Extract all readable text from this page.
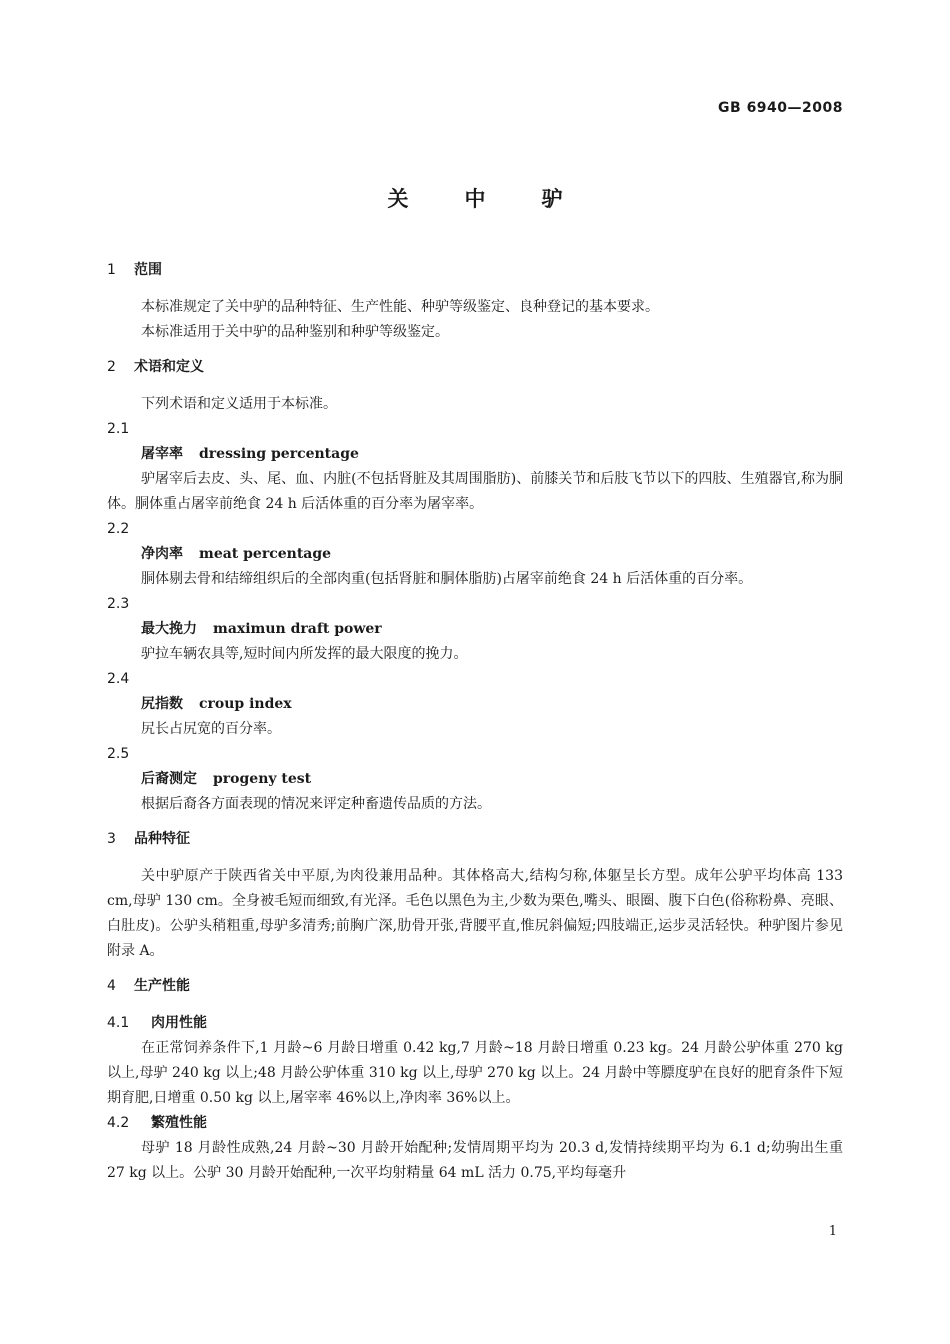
GB 6940—2008
关	中	驴
1 范围

本标准规定了关中驴的品种特征、生产性能、种驴等级鉴定、良种登记的基本要求。

本标准适用于关中驴的品种鉴别和种驴等级鉴定。

2 术语和定义

下列术语和定义适用于本标准。

2.1
屠宰率 dressing percentage

驴屠宰后去皮、头、尾、血、内脏(不包括肾脏及其周围脂肪)、前膝关节和后肢飞节以下的四肢、生殖器官,称为胴体。胴体重占屠宰前绝食 24 h 后活体重的百分率为屠宰率。

2.2
净肉率 meat percentage

胴体剔去骨和结缔组织后的全部肉重(包括肾脏和胴体脂肪)占屠宰前绝食 24 h 后活体重的百分率。

2.3
最大挽力 maximun draft power

驴拉车辆农具等,短时间内所发挥的最大限度的挽力。

2.4
尻指数 croup index

尻长占尻宽的百分率。

2.5
后裔测定 progeny test

根据后裔各方面表现的情况来评定种畜遗传品质的方法。

3 品种特征

关中驴原产于陕西省关中平原,为肉役兼用品种。其体格高大,结构匀称,体躯呈长方型。成年公驴平均体高 133 cm,母驴 130 cm。全身被毛短而细致,有光泽。毛色以黑色为主,少数为栗色,嘴头、眼圈、腹下白色(俗称粉鼻、亮眼、白肚皮)。公驴头稍粗重,母驴多清秀;前胸广深,肋骨开张,背腰平直,惟尻斜偏短;四肢端正,运步灵活轻快。种驴图片参见附录 A。

4 生产性能
4.1 肉用性能

在正常饲养条件下,1 月龄~6 月龄日增重 0.42 kg,7 月龄~18 月龄日增重 0.23 kg。24 月龄公驴体重 270 kg 以上,母驴 240 kg 以上;48 月龄公驴体重 310 kg 以上,母驴 270 kg 以上。24 月龄中等膘度驴在良好的肥育条件下短期育肥,日增重 0.50 kg 以上,屠宰率 46%以上,净肉率 36%以上。

4.2 繁殖性能

母驴 18 月龄性成熟,24 月龄~30 月龄开始配种;发情周期平均为 20.3 d,发情持续期平均为 6.1 d;幼驹出生重 27 kg 以上。公驴 30 月龄开始配种,一次平均射精量 64 mL 活力 0.75,平均每毫升

1
